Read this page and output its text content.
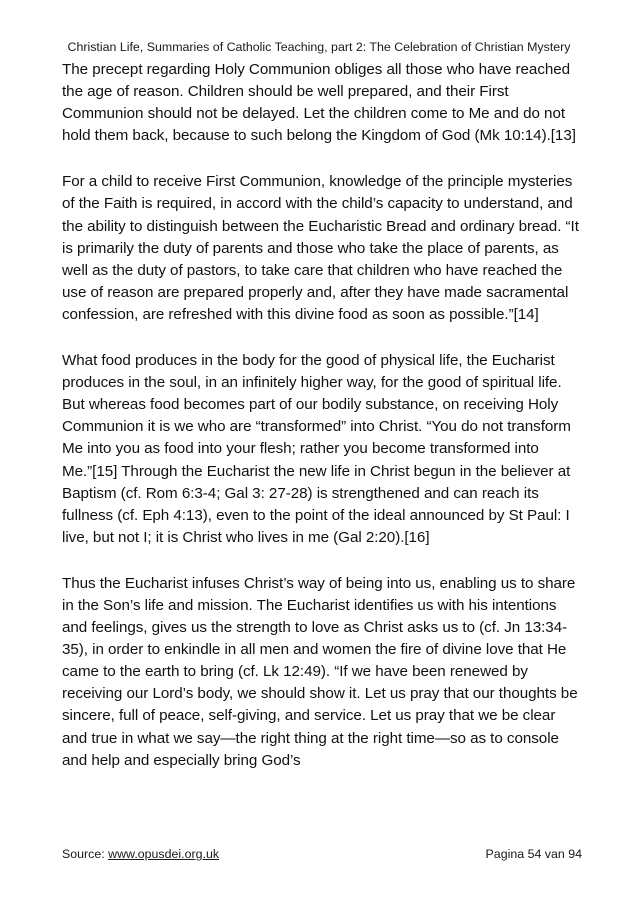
Christian Life, Summaries of Catholic Teaching, part 2: The Celebration of Christian Mystery

The precept regarding Holy Communion obliges all those who have reached the age of reason. Children should be well prepared, and their First Communion should not be delayed. Let the children come to Me and do not hold them back, because to such belong the Kingdom of God (Mk 10:14).[13]

For a child to receive First Communion, knowledge of the principle mysteries of the Faith is required, in accord with the child’s capacity to understand, and the ability to distinguish between the Eucharistic Bread and ordinary bread. “It is primarily the duty of parents and those who take the place of parents, as well as the duty of pastors, to take care that children who have reached the use of reason are prepared properly and, after they have made sacramental confession, are refreshed with this divine food as soon as possible.”[14]

What food produces in the body for the good of physical life, the Eucharist produces in the soul, in an infinitely higher way, for the good of spiritual life. But whereas food becomes part of our bodily substance, on receiving Holy Communion it is we who are “transformed” into Christ. “You do not transform Me into you as food into your flesh; rather you become transformed into Me.”[15] Through the Eucharist the new life in Christ begun in the believer at Baptism (cf. Rom 6:3-4; Gal 3: 27-28) is strengthened and can reach its fullness (cf. Eph 4:13), even to the point of the ideal announced by St Paul: I live, but not I; it is Christ who lives in me (Gal 2:20).[16]

Thus the Eucharist infuses Christ’s way of being into us, enabling us to share in the Son’s life and mission. The Eucharist identifies us with his intentions and feelings, gives us the strength to love as Christ asks us to (cf. Jn 13:34-35), in order to enkindle in all men and women the fire of divine love that He came to the earth to bring (cf. Lk 12:49). “If we have been renewed by receiving our Lord’s body, we should show it. Let us pray that our thoughts be sincere, full of peace, self-giving, and service. Let us pray that we be clear and true in what we say—the right thing at the right time—so as to console and help and especially bring God’s

Source: www.opusdei.org.uk	Pagina 54 van 94
